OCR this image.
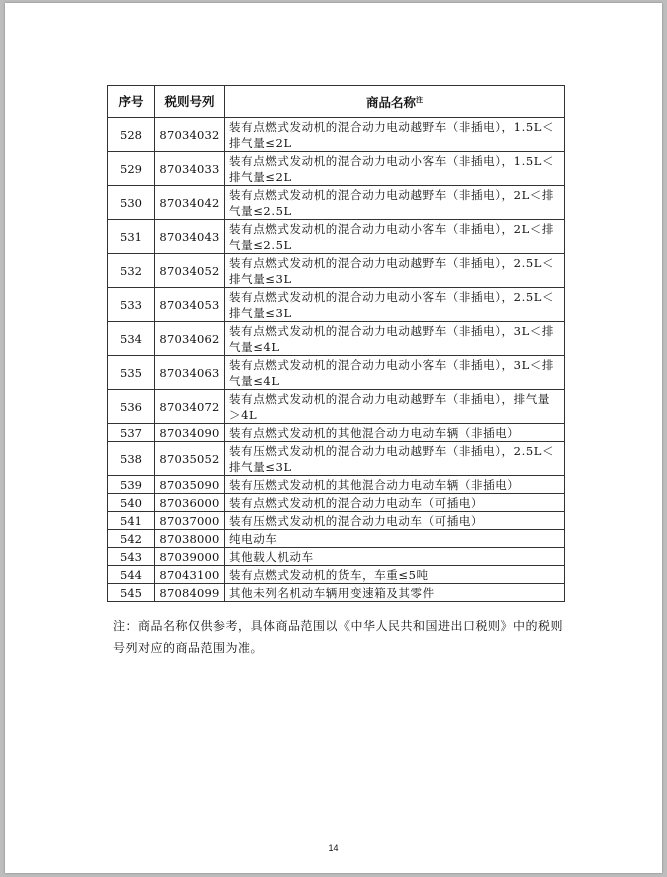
序号	税则号列	商品名称$^注$
528	87034032	装有点燃式发动机的混合动力电动越野车（非插电），1.5L＜排气量≤2L
529	87034033	装有点燃式发动机的混合动力电动小客车（非插电），1.5L＜排气量≤2L
530	87034042	装有点燃式发动机的混合动力电动越野车（非插电），2L＜排气量≤2.5L
531	87034043	装有点燃式发动机的混合动力电动小客车（非插电），2L＜排气量≤2.5L
532	87034052	装有点燃式发动机的混合动力电动越野车（非插电），2.5L＜排气量≤3L
533	87034053	装有点燃式发动机的混合动力电动小客车（非插电），2.5L＜排气量≤3L
534	87034062	装有点燃式发动机的混合动力电动越野车（非插电），3L＜排气量≤4L
535	87034063	装有点燃式发动机的混合动力电动小客车（非插电），3L＜排气量≤4L
536	87034072	装有点燃式发动机的混合动力电动越野车（非插电），排气量＞4L
537	87034090	装有点燃式发动机的其他混合动力电动车辆（非插电）
538	87035052	装有压燃式发动机的混合动力电动越野车（非插电），2.5L＜排气量≤3L
539	87035090	装有压燃式发动机的其他混合动力电动车辆（非插电）
540	87036000	装有点燃式发动机的混合动力电动车（可插电）
541	87037000	装有压燃式发动机的混合动力电动车（可插电）
542	87038000	纯电动车
543	87039000	其他载人机动车
544	87043100	装有点燃式发动机的货车，车重≤5吨
545	87084099	其他未列名机动车辆用变速箱及其零件

注：商品名称仅供参考，具体商品范围以《中华人民共和国进出口税则》中的税则号列对应的商品范围为准。

14
